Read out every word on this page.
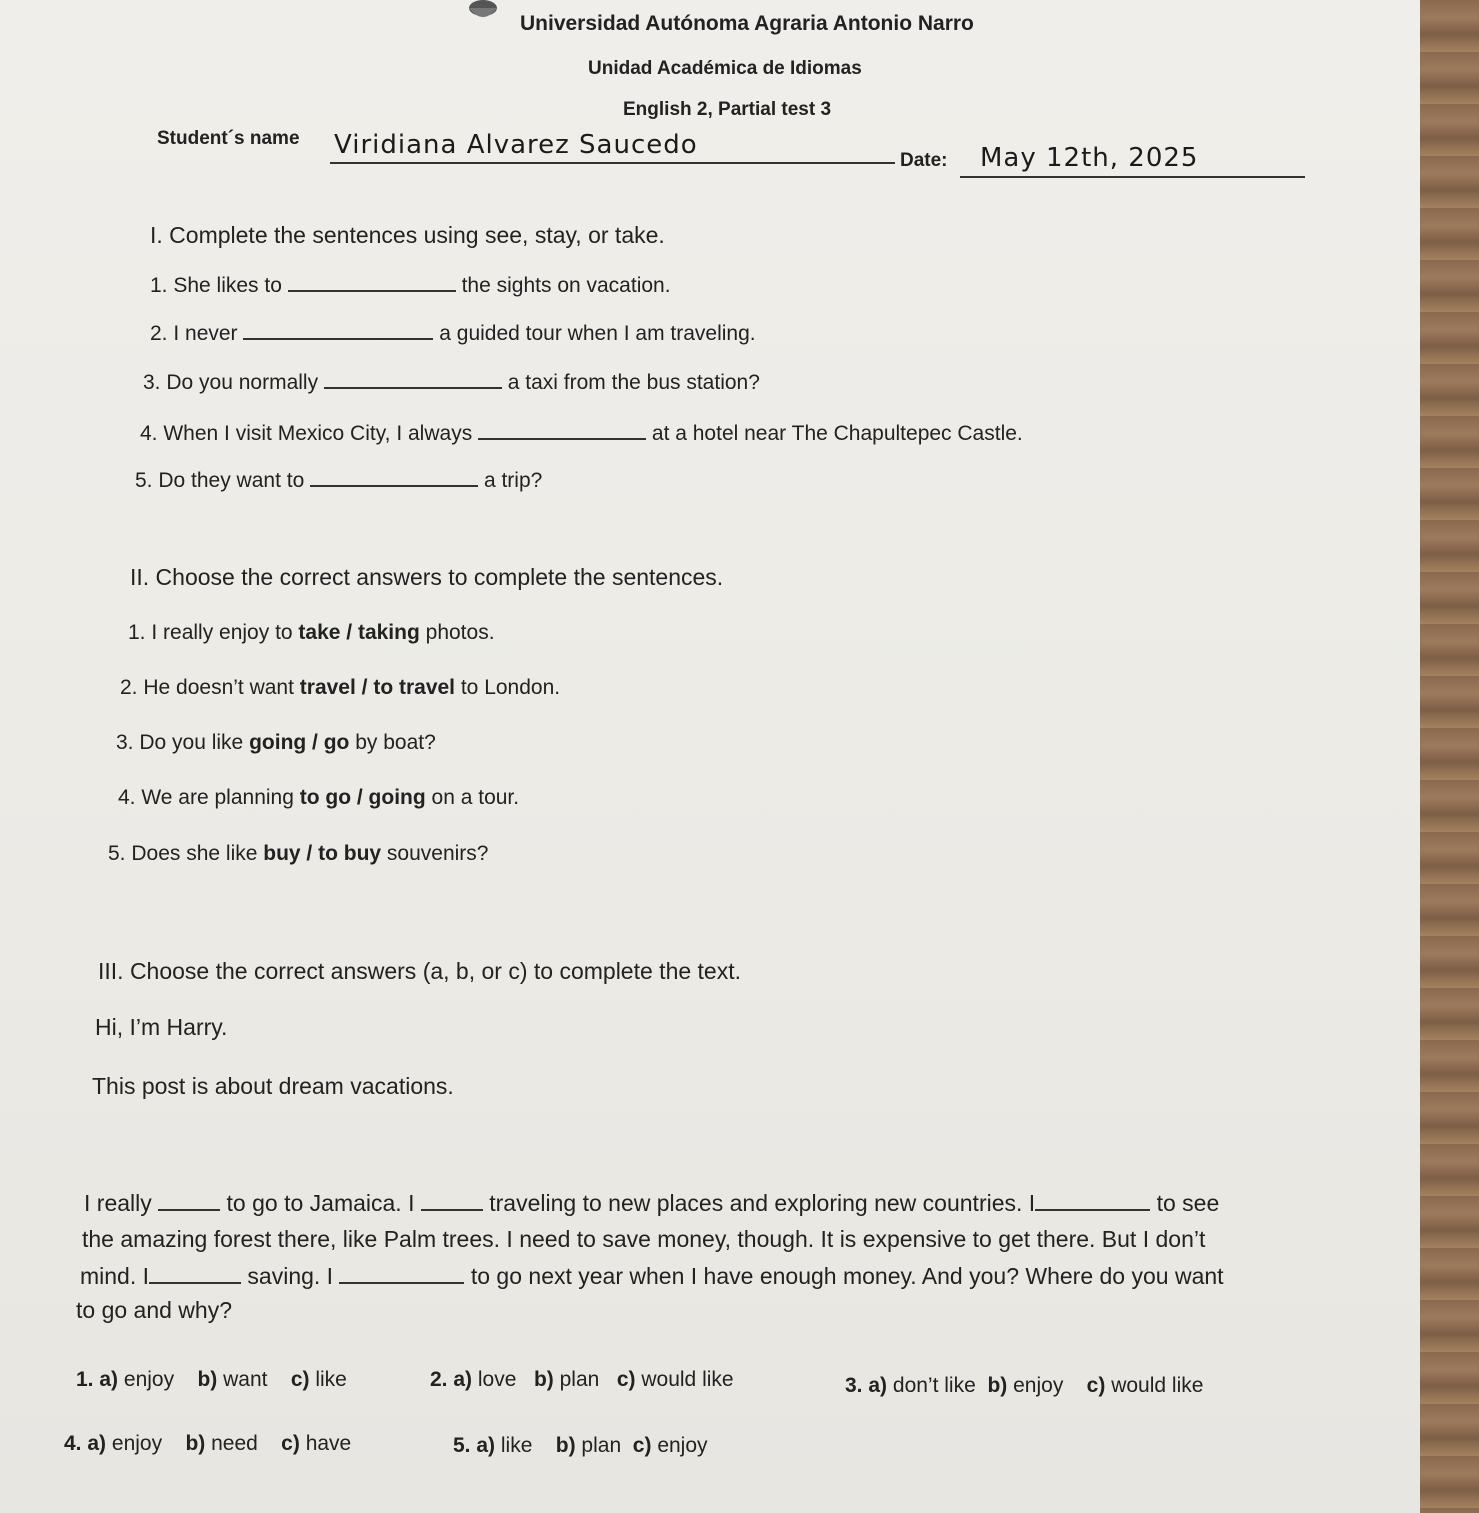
Universidad Autónoma Agraria Antonio Narro
Unidad Académica de Idiomas
English 2, Partial test 3
Student´s name Viridiana Alvarez Saucedo
Date: May 12th, 2025
I. Complete the sentences using see, stay, or take.
1. She likes to	the sights on vacation.
2. I never	a guided tour when I am traveling.
3. Do you normally	a taxi from the bus station?
4. When I visit Mexico City, I always	at a hotel near The Chapultepec Castle.
5. Do they want to	a trip?
II. Choose the correct answers to complete the sentences.
1. I really enjoy to take / taking photos.
2. He doesn’t want travel / to travel to London.
3. Do you like going / go by boat?
4. We are planning to go / going on a tour.
5. Does she like buy / to buy souvenirs?
III. Choose the correct answers (a, b, or c) to complete the text.
Hi, I’m Harry.
This post is about dream vacations.
I really	to go to Jamaica. I	traveling to new places and exploring new countries. I	to see
the amazing forest there, like Palm trees. I need to save money, though. It is expensive to get there. But I don’t
mind. I	saving. I	to go next year when I have enough money. And you? Where do you want
to go and why?
1. a) enjoy b) want c) like	2. a) love b) plan c) would like	3. a) don’t like b) enjoy c) would like
4. a) enjoy b) need c) have	5. a) like b) plan c) enjoy
